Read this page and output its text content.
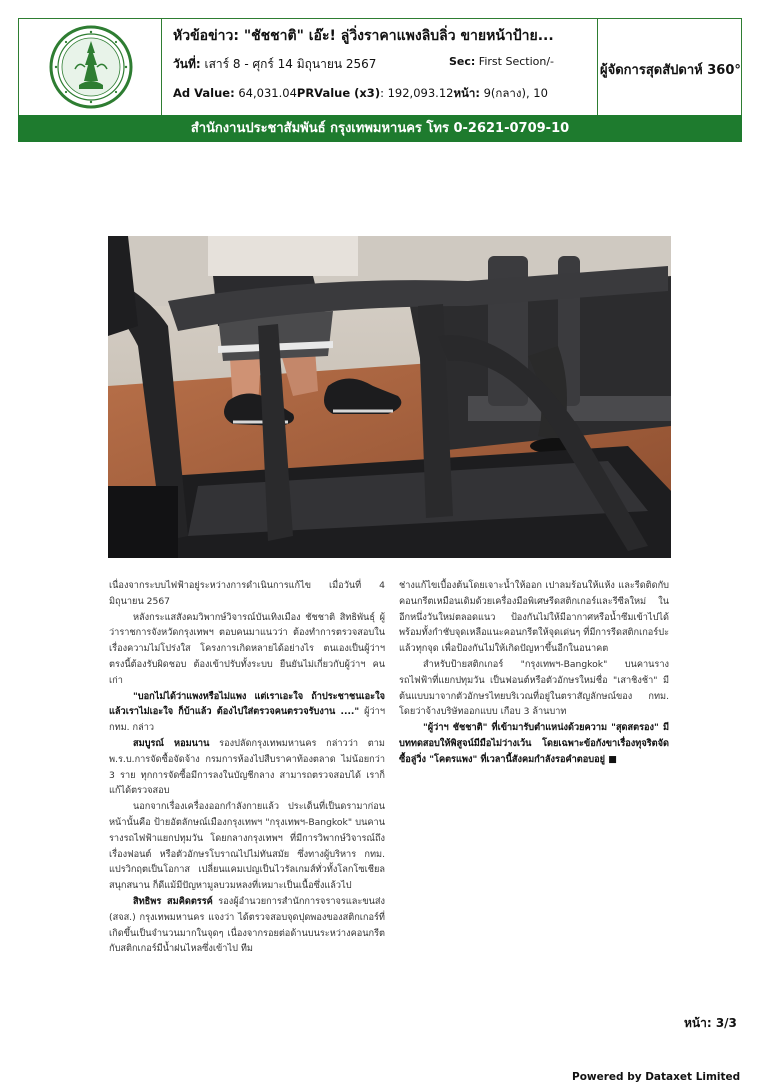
หัวข้อข่าว: "ชัชชาติ" เอ๊ะ! ลู่วิ่งราคาแพงลิบลิ่ว ขายหน้าป้าย...
วันที่: เสาร์ 8 - ศุกร์ 14 มิถุนายน 2567	Sec: First Section/-
Ad Value: 64,031.04PRValue (x3): 192,093.12หน้า: 9(กลาง), 10
ผู้จัดการสุดสัปดาห์ 360°
สำนักงานประชาสัมพันธ์ กรุงเทพมหานคร โทร 0-2621-0709-10

เนื่องจากระบบไฟฟ้าอยู่ระหว่างการดำเนินการแก้ไข เมื่อวันที่ 4 มิถุนายน 2567

หลังกระแสสังคมวิพากษ์วิจารณ์บันเทิงเมือง ชัชชาติ สิทธิพันธุ์ ผู้ว่าราชการจังหวัดกรุงเทพฯ ตอบคนมาแนวว่า ต้องทำการตรวจสอบในเรื่องความไม่โปร่งใส โครงการเกิดหลายได้อย่างไร ตนเองเป็นผู้ว่าฯ ตรงนี้ต้องรับผิดชอบ ต้องเข้าปรับทั้งระบบ ยืนยันไม่เกี่ยวกับผู้ว่าฯ คนเก่า

"บอกไม่ได้ว่าแพงหรือไม่แพง แต่เราเอะใจ ถ้าประชาชนเอะใจ แล้วเราไม่เอะใจ ก็บ้าแล้ว ต้องไปใส่ตรวจคนตรวจรับงาน ...." ผู้ว่าฯ กทม. กล่าว

สมบูรณ์ หอมนาน รองปลัดกรุงเทพมหานคร กล่าวว่า ตาม พ.ร.บ.การจัดซื้อจัดจ้าง กรมการห้องไปสืบราคาท้องตลาด ไม่น้อยกว่า 3 ราย ทุกการจัดซื้อมีการลงในบัญชีกลาง สามารถตรวจสอบได้ เราก็แก้ได้ตรวจสอบ

นอกจากเรื่องเครื่องออกกำลังกายแล้ว ประเด็นที่เป็นดรามาก่อนหน้านั้นคือ ป้ายอัตลักษณ์เมืองกรุงเทพฯ "กรุงเทพฯ-Bangkok" บนคานรางรถไฟฟ้าแยกปทุมวัน โดยกลางกรุงเทพฯ ที่มีการวิพากษ์วิจารณ์ถึงเรื่องฟอนต์ หรือตัวอักษรโบราณไปไม่ทันสมัย ซึ่งทางผู้บริหาร กทม. แปรวิกฤตเป็นโอกาส เปลี่ยนแคมเปญเป็นไวรัลเกมส์ทั่วทั้งโลกโซเชียลสนุกสนาน ก็ดีแม้มีปัญหามูลบวมหลงที่เหมาะเป็นเนื้อซึ่งแล้วไป

สิทธิพร สมคิดตรรค์ รองผู้อำนวยการสำนักการจราจรและขนส่ง (สจส.) กรุงเทพมหานคร แจงว่า ได้ตรวจสอบจุดปุดพองของสติกเกอร์ที่เกิดขึ้นเป็นจำนวนมากในจุดๆ เนื่องจากรอยต่อด้านบนระหว่างคอนกรีตกับสติกเกอร์มีน้ำฝนไหลซึ่งเข้าไป ทีม

ช่างแก้ไขเบื้องต้นโดยเจาะน้ำให้ออก เปาลมร้อนให้แห้ง และรีดติดกับคอนกรีตเหมือนเดิมด้วยเครื่องมือพิเศษรีดสติกเกอร์และรีซีลใหม่ ในอีกหนึ่งวันใหม่ตลอดแนว ป้องกันไม่ให้มีอากาศหรือน้ำซึมเข้าไปได้ พร้อมทั้งกำชับจุดเหลือแนะคอนกรีตให้จุดเด่นๆ ที่มีการรีดสติกเกอร์ปะแล้วทุกจุด เพื่อป้องกันไม่ให้เกิดปัญหาขึ้นอีกในอนาคต

สำหรับป้ายสติกเกอร์ "กรุงเทพฯ-Bangkok" บนคานรางรถไฟฟ้าที่แยกปทุมวัน เป็นฟอนต์หรือตัวอักษรใหม่ชื่อ "เสาชิงช้า" มีต้นแบบมาจากตัวอักษรไทยบริเวณที่อยู่ในตราสัญลักษณ์ของ กทม. โดยว่าจ้างบริษัทออกแบบ เกือบ 3 ล้านบาท

"ผู้ว่าฯ ชัชชาติ" ที่เข้ามารับตำแหน่งด้วยความ "สุดสตรอง" มีบททดสอบให้พิสูจน์มีมือไม่ว่างเว้น โดยเฉพาะข้อกังขาเรื่องทุจริตจัดซื้อลู่วิ่ง "โคตรแพง" ที่เวลานี้สังคมกำลังรอคำตอบอยู่ ■

หน้า: 3/3
Powered by Dataxet Limited
